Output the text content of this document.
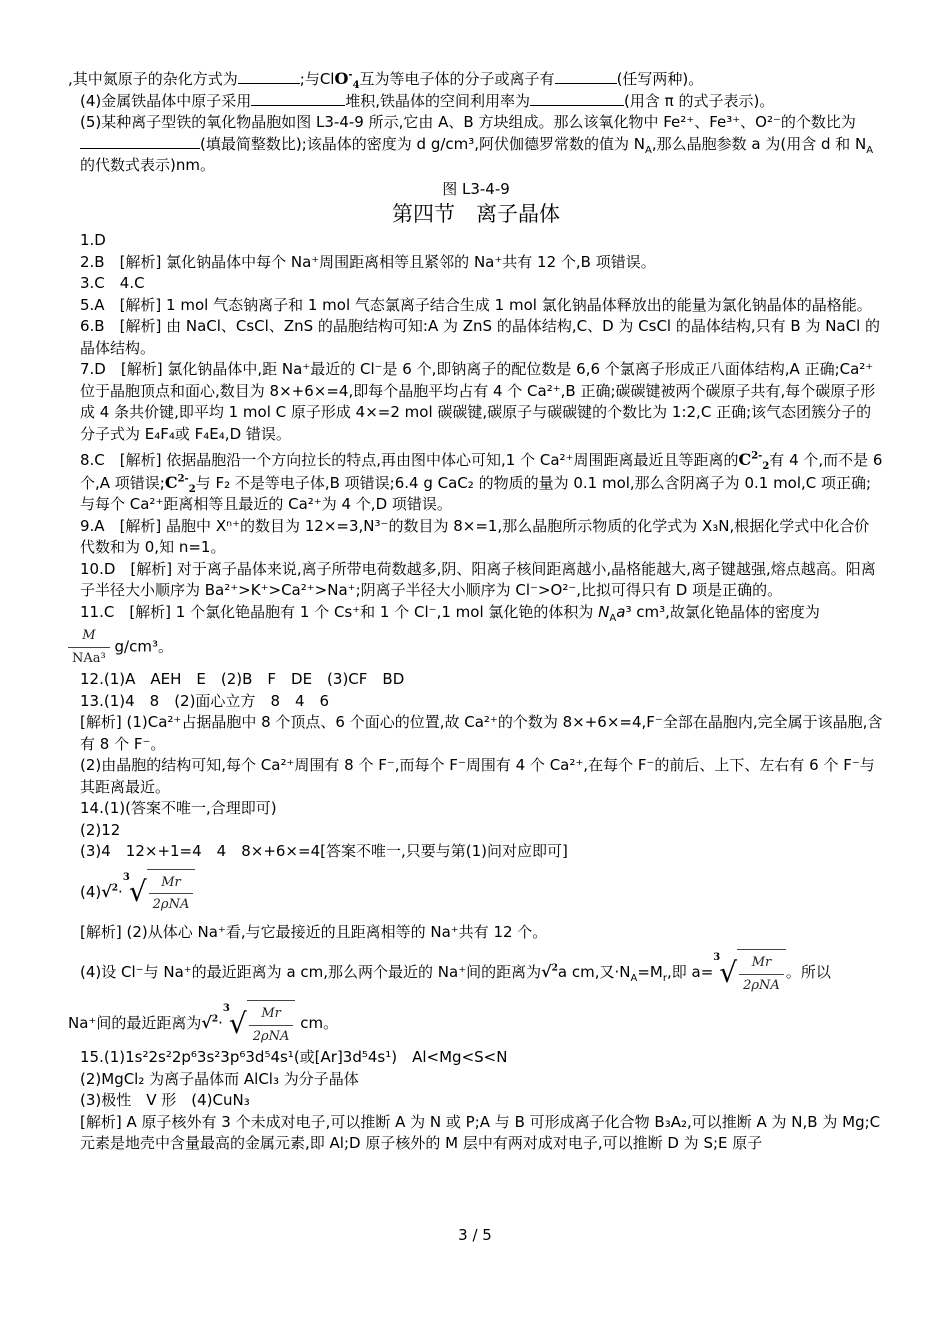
,其中氮原子的杂化方式为	;与ClO-$_4$互为等电子体的分子或离子有	(任写两种)。

(4)金属铁晶体中原子采用	堆积,铁晶体的空间利用率为	(用含 π 的式子表示)。

(5)某种离子型铁的氧化物晶胞如图 L3-4-9 所示,它由 A、B 方块组成。那么该氧化物中 Fe²⁺、Fe³⁺、O²⁻的个数比为(填最简整数比);该晶体的密度为 d g/cm³,阿伏伽德罗常数的值为 $N_A$,那么晶胞参数 a 为(用含 d 和 $N_A$的代数式表示)nm。

图 L3-4-9

第四节　离子晶体

1.D

2.B　[解析] 氯化钠晶体中每个 Na⁺周围距离相等且紧邻的 Na⁺共有 12 个,B 项错误。

3.C　4.C

5.A　[解析] 1 mol 气态钠离子和 1 mol 气态氯离子结合生成 1 mol 氯化钠晶体释放出的能量为氯化钠晶体的晶格能。

6.B　[解析] 由 NaCl、CsCl、ZnS 的晶胞结构可知:A 为 ZnS 的晶体结构,C、D 为 CsCl 的晶体结构,只有 B 为 NaCl 的晶体结构。

7.D　[解析] 氯化钠晶体中,距 Na⁺最近的 Cl⁻是 6 个,即钠离子的配位数是 6,6 个氯离子形成正八面体结构,A 正确;Ca²⁺位于晶胞顶点和面心,数目为 8×+6×=4,即每个晶胞平均占有 4 个 Ca²⁺,B 正确;碳碳键被两个碳原子共有,每个碳原子形成 4 条共价键,即平均 1 mol C 原子形成 4×=2 mol 碳碳键,碳原子与碳碳键的个数比为 1:2,C 正确;该气态团簇分子的分子式为 E₄F₄或 F₄E₄,D 错误。

8.C　[解析] 依据晶胞沿一个方向拉长的特点,再由图中体心可知,1 个 Ca²⁺周围距离最近且等距离的$C^{2-}_2$有 4 个,而不是 6 个,A 项错误$;C^{2-}_2$与 F₂ 不是等电子体,B 项错误;6.4 g CaC₂ 的物质的量为 0.1 mol,那么含阴离子为 0.1 mol,C 项正确;与每个 Ca²⁺距离相等且最近的 Ca²⁺为 4 个,D 项错误。

9.A　[解析] 晶胞中 Xⁿ⁺的数目为 12×=3,N³⁻的数目为 8×=1,那么晶胞所示物质的化学式为 X₃N,根据化学式中化合价代数和为 0,知 n=1。

10.D　[解析] 对于离子晶体来说,离子所带电荷数越多,阴、阳离子核间距离越小,晶格能越大,离子键越强,熔点越高。阳离子半径大小顺序为 Ba²⁺>K⁺>Ca²⁺>Na⁺;阴离子半径大小顺序为 Cl⁻>O²⁻,比拟可得只有 D 项是正确的。

11.C　[解析] 1 个氯化铯晶胞有 1 个 Cs⁺和 1 个 Cl⁻,1 mol 氯化铯的体积为 $N_Aa^3$ cm³,故氯化铯晶体的密度为

$\frac{M}{\text{NAa³}} g/cm^3$。

12.(1)A　AEH　E　(2)B　F　DE　(3)CF　BD

13.(1)4　8　(2)面心立方　8　4　6

[解析] (1)Ca²⁺占据晶胞中 8 个顶点、6 个面心的位置,故 Ca²⁺的个数为 8×+6×=4,F⁻全部在晶胞内,完全属于该晶胞,含有 8 个 F⁻。

(2)由晶胞的结构可知,每个 Ca²⁺周围有 8 个 F⁻,而每个 F⁻周围有 4 个 Ca²⁺,在每个 F⁻的前后、上下、左右有 6 个 F⁻与其距离最近。

14.(1)(答案不唯一,合理即可)

(2)12

(3)4　12×+1=4　4　8×+6×=4[答案不唯一,只要与第(1)问对应即可]

(4)√$^2$·
3 √ $\frac{Mr}{\text{2ρNA}}$

[解析] (2)从体心 Na⁺看,与它最接近的且距离相等的 Na⁺共有 12 个。

(4)设 Cl⁻与 Na⁺的最近距离为 a cm,那么两个最近的 Na⁺间的距离为√$^2$a cm,又$\cdot N_A=M_r$,即 a=
3 √ $\frac{Mr}{\text{2ρNA}}$ 。所以

Na⁺间的最近距离为√$^2$·
3 √ $\frac{Mr}{\text{2ρNA}}$ cm。

15.(1)1s²2s²2p⁶3s²3p⁶3d⁵4s¹(或[Ar]3d⁵4s¹)　Al<Mg<S<N

(2)MgCl₂ 为离子晶体而 AlCl₃ 为分子晶体

(3)极性　V 形　(4)CuN₃

[解析] A 原子核外有 3 个未成对电子,可以推断 A 为 N 或 P;A 与 B 可形成离子化合物 B₃A₂,可以推断 A 为 N,B 为 Mg;C 元素是地壳中含量最高的金属元素,即 Al;D 原子核外的 M 层中有两对成对电子,可以推断 D 为 S;E 原子

3 / 5
